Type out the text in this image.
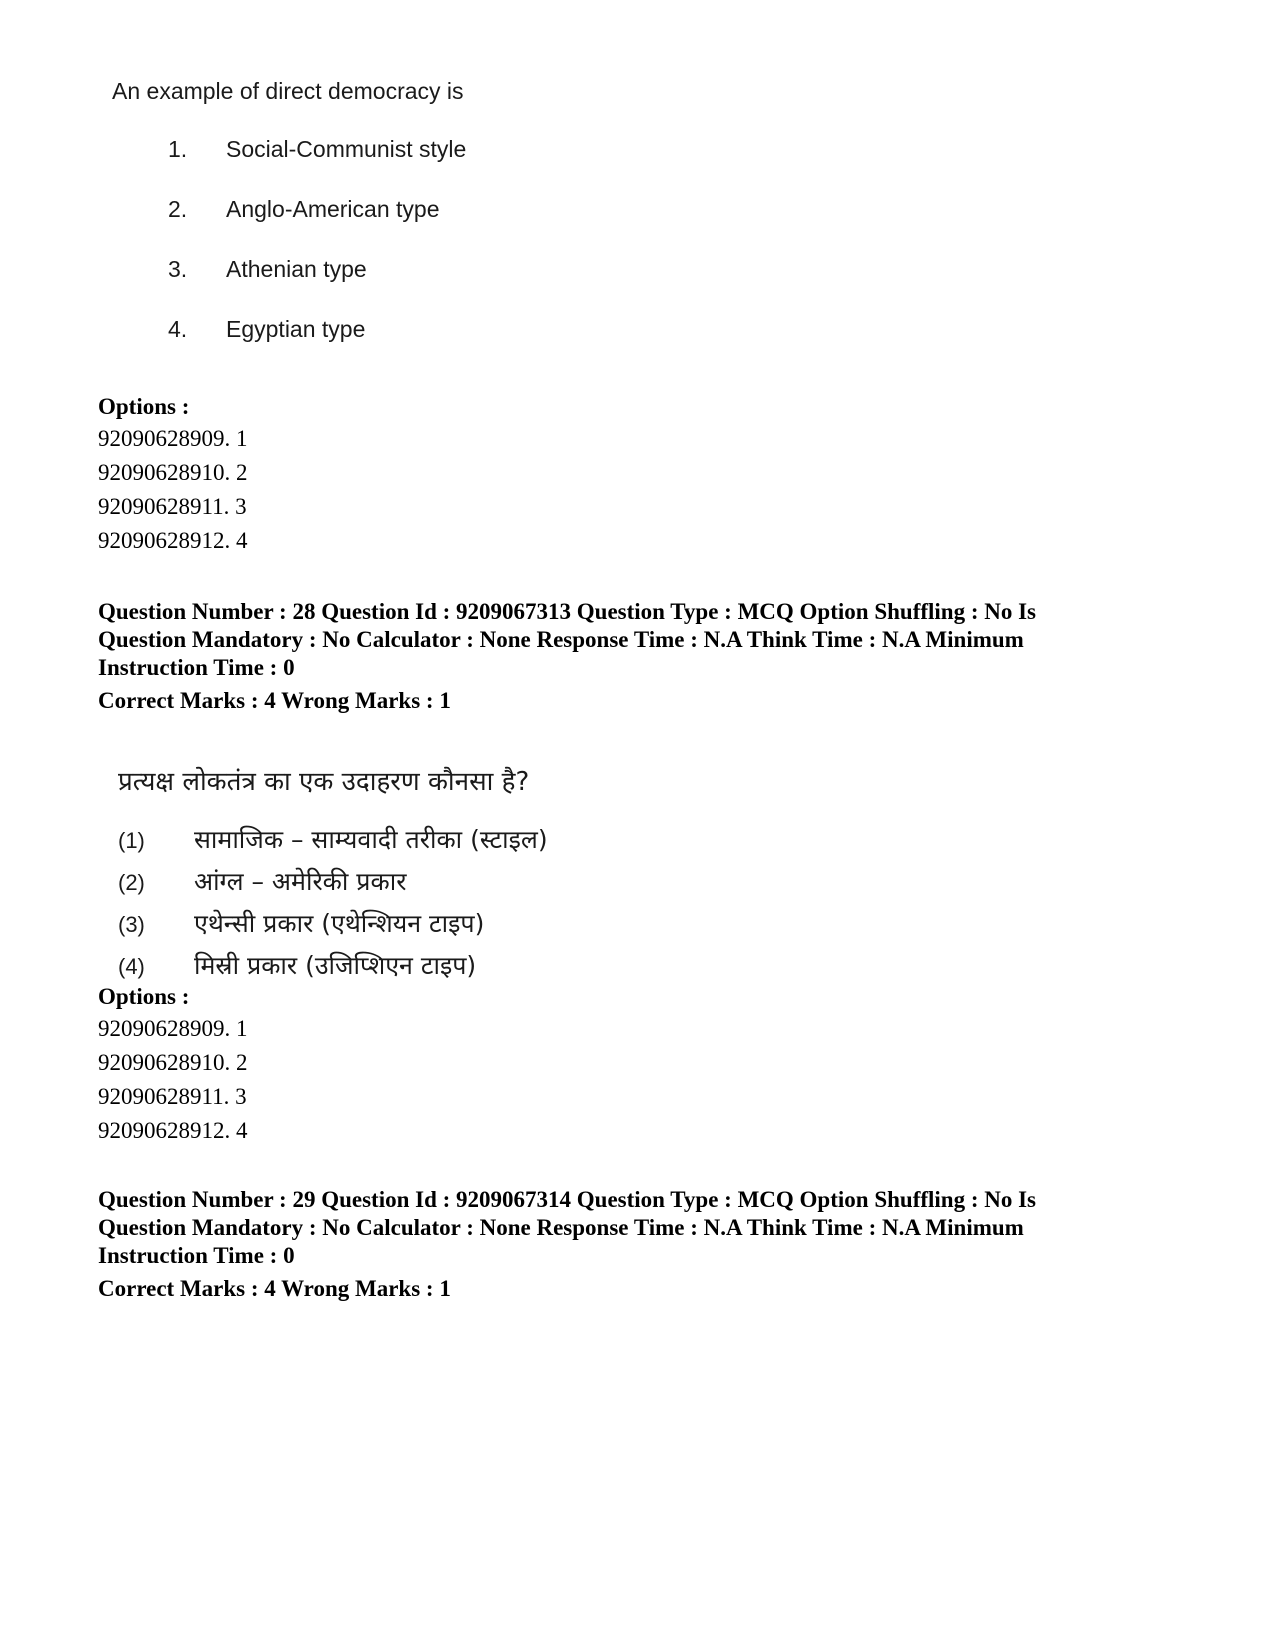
An example of direct democracy is
1. Social-Communist style
2. Anglo-American type
3. Athenian type
4. Egyptian type
Options :
92090628909. 1
92090628910. 2
92090628911. 3
92090628912. 4
Question Number : 28 Question Id : 9209067313 Question Type : MCQ Option Shuffling : No Is
Question Mandatory : No Calculator : None Response Time : N.A Think Time : N.A Minimum
Instruction Time : 0
Correct Marks : 4 Wrong Marks : 1
प्रत्यक्ष लोकतंत्र का एक उदाहरण कौनसा है?
(1) सामाजिक – साम्यवादी तरीका (स्टाइल)
(2) आंग्ल – अमेरिकी प्रकार
(3) एथेन्सी प्रकार (एथेन्शियन टाइप)
(4) मिस्री प्रकार (उजिप्शिएन टाइप)
Options :
92090628909. 1
92090628910. 2
92090628911. 3
92090628912. 4
Question Number : 29 Question Id : 9209067314 Question Type : MCQ Option Shuffling : No Is
Question Mandatory : No Calculator : None Response Time : N.A Think Time : N.A Minimum
Instruction Time : 0
Correct Marks : 4 Wrong Marks : 1
